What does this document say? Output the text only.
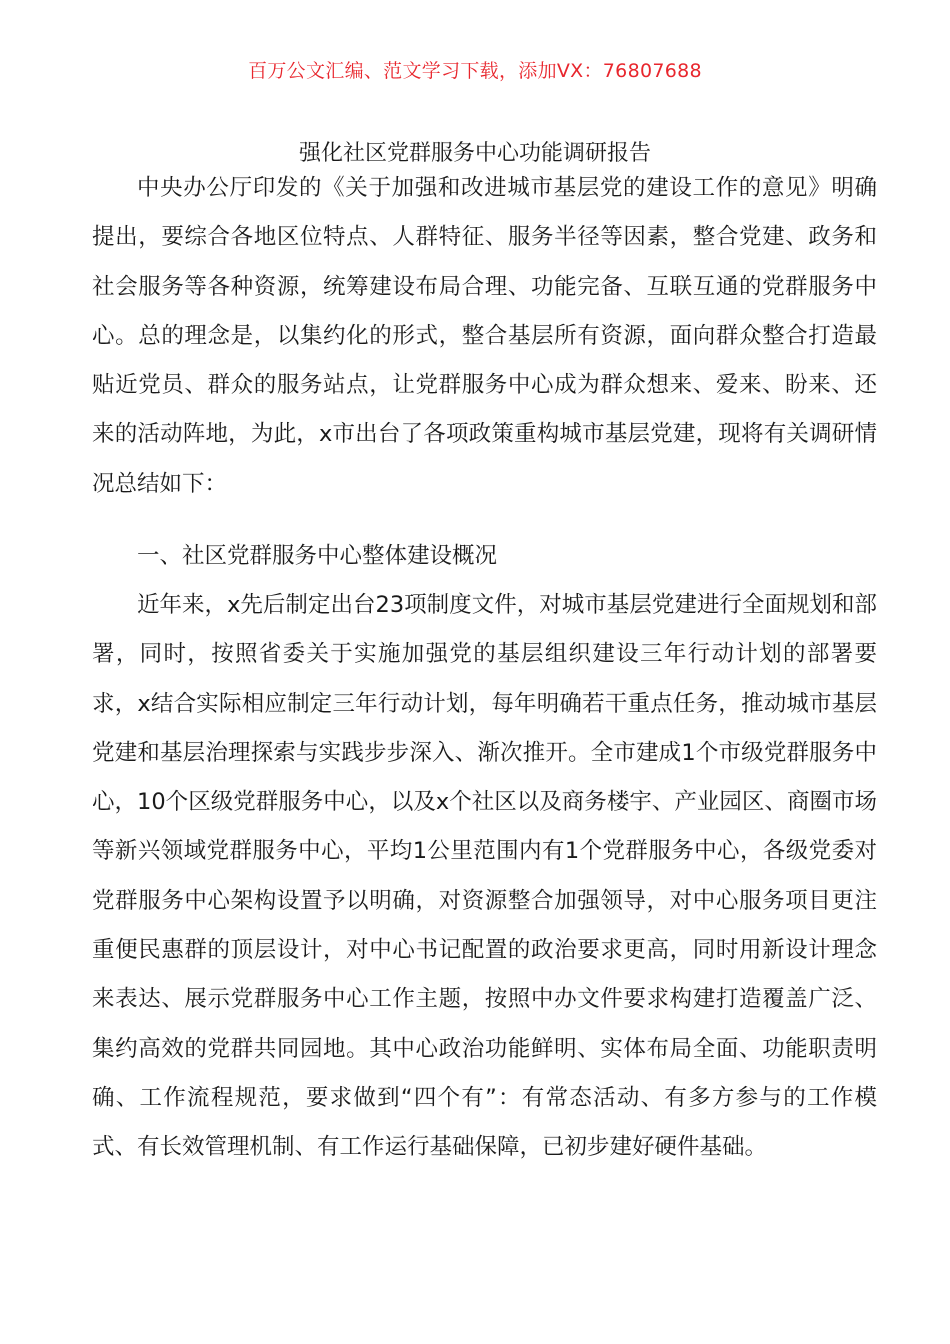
百万公文汇编、范文学习下载，添加VX：76807688
强化社区党群服务中心功能调研报告

中央办公厅印发的《关于加强和改进城市基层党的建设工作的意见》明确提出，要综合各地区位特点、人群特征、服务半径等因素，整合党建、政务和社会服务等各种资源，统筹建设布局合理、功能完备、互联互通的党群服务中心。总的理念是，以集约化的形式，整合基层所有资源，面向群众整合打造最贴近党员、群众的服务站点，让党群服务中心成为群众想来、爱来、盼来、还来的活动阵地，为此，x市出台了各项政策重构城市基层党建，现将有关调研情况总结如下：

一、社区党群服务中心整体建设概况

近年来，x先后制定出台23项制度文件，对城市基层党建进行全面规划和部署，同时，按照省委关于实施加强党的基层组织建设三年行动计划的部署要求，x结合实际相应制定三年行动计划，每年明确若干重点任务，推动城市基层党建和基层治理探索与实践步步深入、渐次推开。全市建成1个市级党群服务中心，10个区级党群服务中心，以及x个社区以及商务楼宇、产业园区、商圈市场等新兴领域党群服务中心，平均1公里范围内有1个党群服务中心，各级党委对党群服务中心架构设置予以明确，对资源整合加强领导，对中心服务项目更注重便民惠群的顶层设计，对中心书记配置的政治要求更高，同时用新设计理念来表达、展示党群服务中心工作主题，按照中办文件要求构建打造覆盖广泛、集约高效的党群共同园地。其中心政治功能鲜明、实体布局全面、功能职责明确、工作流程规范，要求做到“四个有”：有常态活动、有多方参与的工作模式、有长效管理机制、有工作运行基础保障，已初步建好硬件基础。
